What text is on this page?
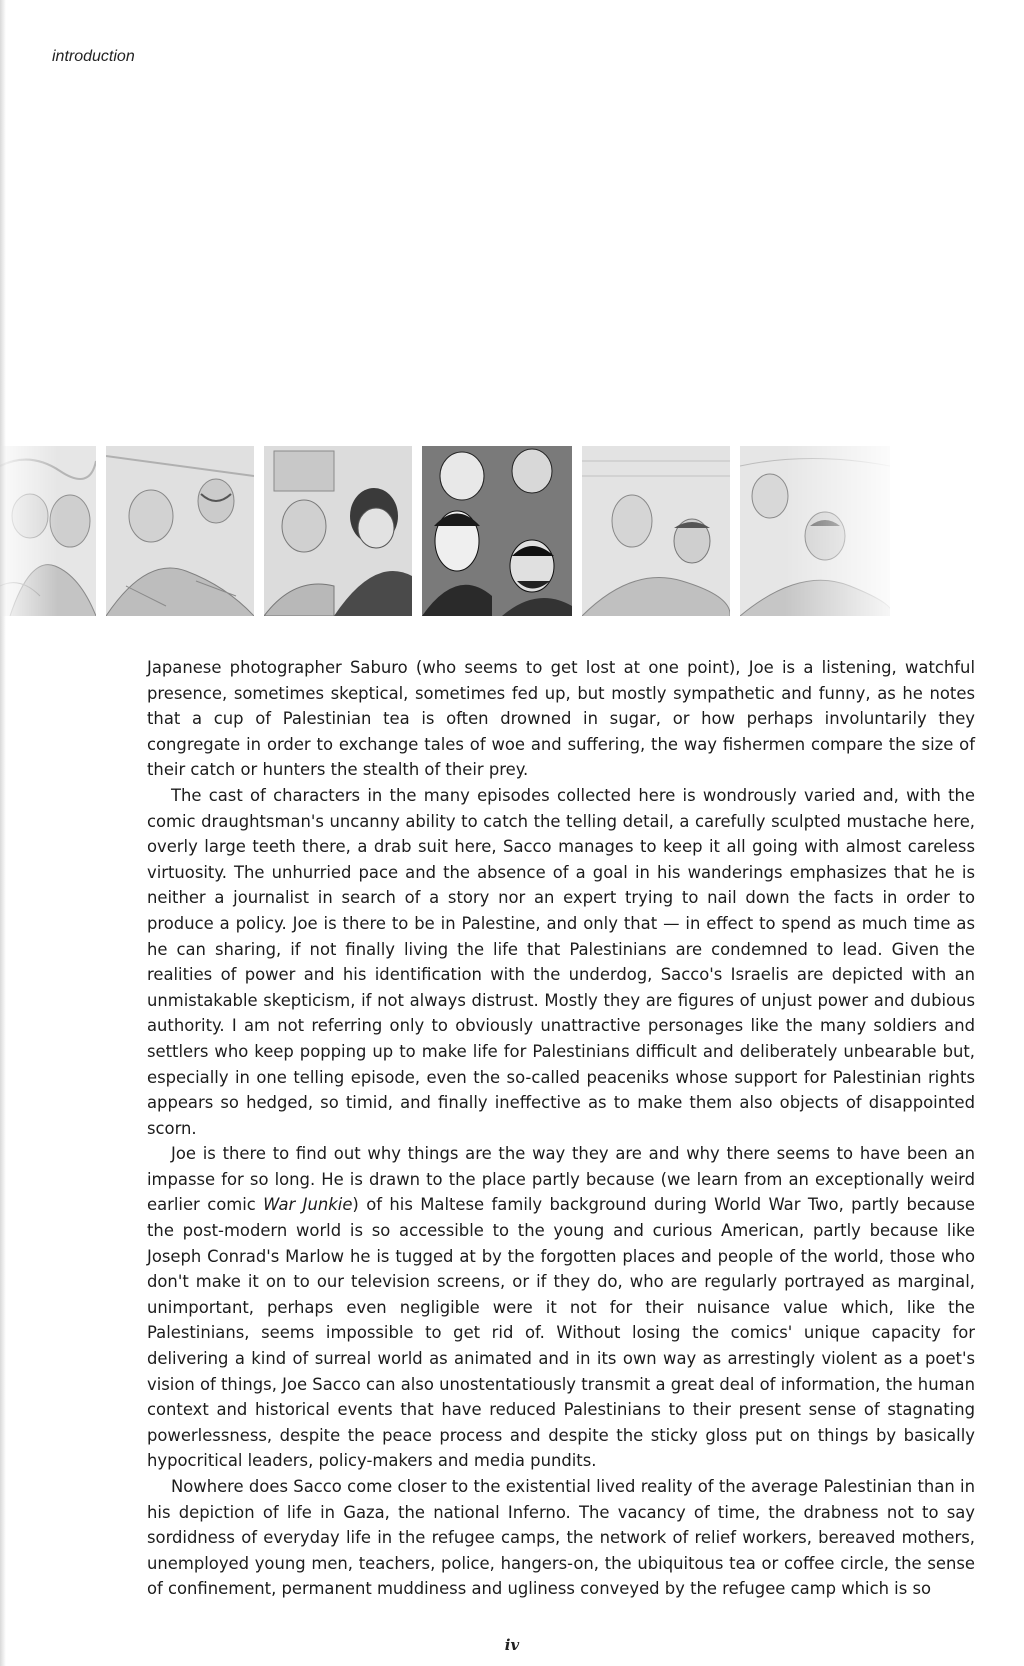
introduction

Japanese photographer Saburo (who seems to get lost at one point), Joe is a listening, watchful presence, sometimes skeptical, sometimes fed up, but mostly sympathetic and funny, as he notes that a cup of Palestinian tea is often drowned in sugar, or how perhaps involuntarily they congregate in order to exchange tales of woe and suffering, the way fishermen compare the size of their catch or hunters the stealth of their prey.

The cast of characters in the many episodes collected here is wondrously varied and, with the comic draughtsman's uncanny ability to catch the telling detail, a carefully sculpted mustache here, overly large teeth there, a drab suit here, Sacco manages to keep it all going with almost careless virtuosity. The unhurried pace and the absence of a goal in his wanderings emphasizes that he is neither a journalist in search of a story nor an expert trying to nail down the facts in order to produce a policy. Joe is there to be in Palestine, and only that — in effect to spend as much time as he can sharing, if not finally living the life that Palestinians are condemned to lead. Given the realities of power and his identification with the underdog, Sacco's Israelis are depicted with an unmistakable skepticism, if not always distrust. Mostly they are figures of unjust power and dubious authority. I am not referring only to obviously unattractive personages like the many soldiers and settlers who keep popping up to make life for Palestinians difficult and deliberately unbearable but, especially in one telling episode, even the so-called peaceniks whose support for Palestinian rights appears so hedged, so timid, and finally ineffective as to make them also objects of disappointed scorn.

Joe is there to find out why things are the way they are and why there seems to have been an impasse for so long. He is drawn to the place partly because (we learn from an exceptionally weird earlier comic War Junkie) of his Maltese family background during World War Two, partly because the post-modern world is so accessible to the young and curious American, partly because like Joseph Conrad's Marlow he is tugged at by the forgotten places and people of the world, those who don't make it on to our television screens, or if they do, who are regularly portrayed as marginal, unimportant, perhaps even negligible were it not for their nuisance value which, like the Palestinians, seems impossible to get rid of. Without losing the comics' unique capacity for delivering a kind of surreal world as animated and in its own way as arrestingly violent as a poet's vision of things, Joe Sacco can also unostentatiously transmit a great deal of information, the human context and historical events that have reduced Palestinians to their present sense of stagnating powerlessness, despite the peace process and despite the sticky gloss put on things by basically hypocritical leaders, policy-makers and media pundits.

Nowhere does Sacco come closer to the existential lived reality of the average Palestinian than in his depiction of life in Gaza, the national Inferno. The vacancy of time, the drabness not to say sordidness of everyday life in the refugee camps, the network of relief workers, bereaved mothers, unemployed young men, teachers, police, hangers-on, the ubiquitous tea or coffee circle, the sense of confinement, permanent muddiness and ugliness conveyed by the refugee camp which is so

iv
